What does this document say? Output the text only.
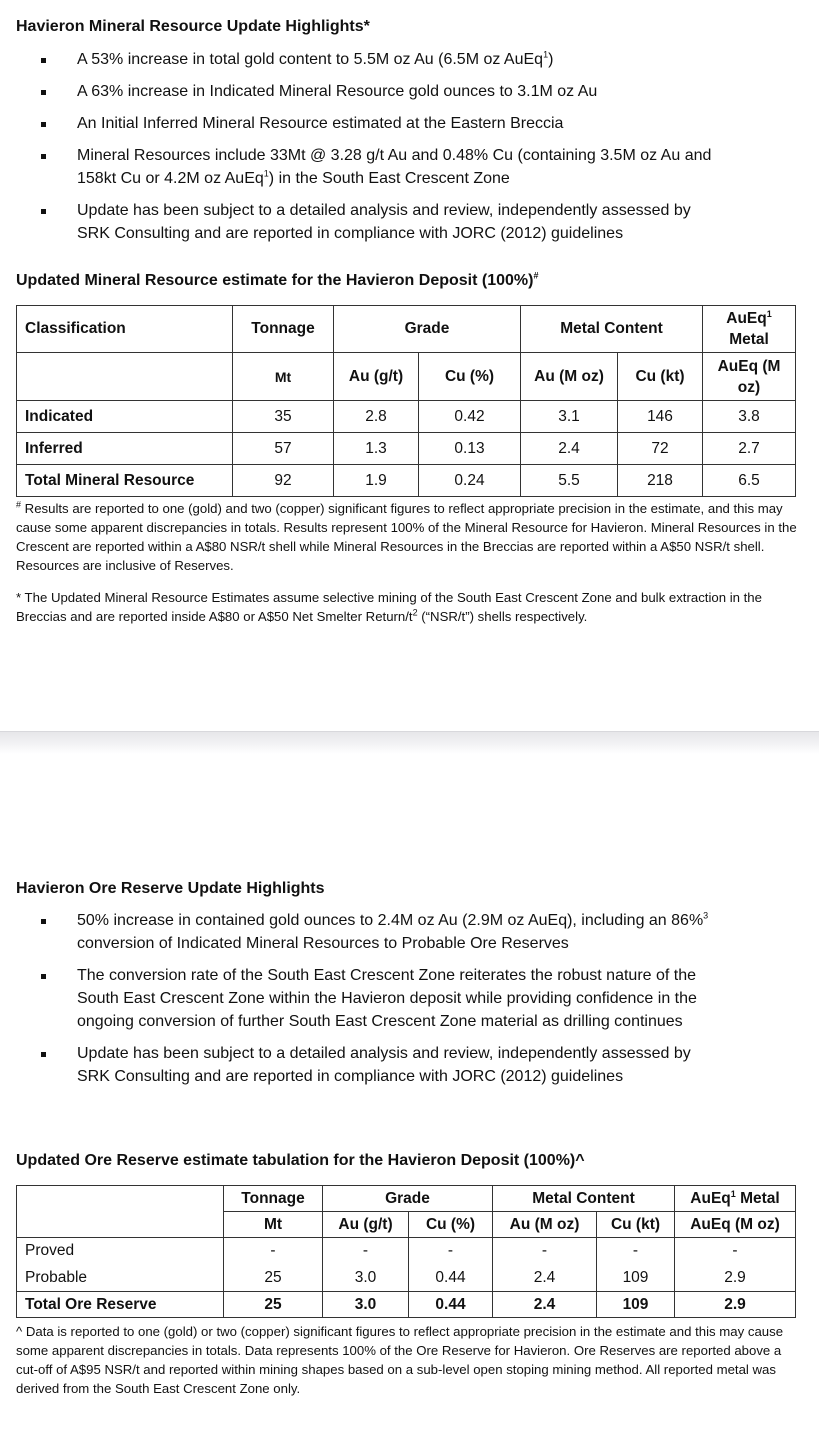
Havieron Mineral Resource Update Highlights*
A 53% increase in total gold content to 5.5M oz Au (6.5M oz AuEq$^1$)
A 63% increase in Indicated Mineral Resource gold ounces to 3.1M oz Au
An Initial Inferred Mineral Resource estimated at the Eastern Breccia
Mineral Resources include 33Mt @ 3.28 g/t Au and 0.48% Cu (containing 3.5M oz Au and 158kt Cu or 4.2M oz AuEq$^1$) in the South East Crescent Zone
Update has been subject to a detailed analysis and review, independently assessed by SRK Consulting and are reported in compliance with JORC (2012) guidelines
Updated Mineral Resource estimate for the Havieron Deposit (100%)#
Classification	Tonnage	Grade		Metal Content		AuEq$^1$
Metal
	Mt	Au (g/t)	Cu (%)	Au (M oz)	Cu (kt)	AuEq (M oz)
Indicated	35	2.8	0.42	3.1	146	3.8
Inferred	57	1.3	0.13	2.4	72	2.7
Total Mineral Resource	92	1.9	0.24	5.5	218	6.5
# Results are reported to one (gold) and two (copper) significant figures to reflect appropriate precision in the estimate, and this may cause some apparent discrepancies in totals. Results represent 100% of the Mineral Resource for Havieron. Mineral Resources in the Crescent are reported within a A$80 NSR/t shell while Mineral Resources in the Breccias are reported within a A$50 NSR/t shell. Resources are inclusive of Reserves.
* The Updated Mineral Resource Estimates assume selective mining of the South East Crescent Zone and bulk extraction in the Breccias and are reported inside A$80 or A$50 Net Smelter Return/$t^2$ (“NSR/t”) shells respectively.
Havieron Ore Reserve Update Highlights
50% increase in contained gold ounces to 2.4M oz Au (2.9M oz AuEq), including an 86%$^3$ conversion of Indicated Mineral Resources to Probable Ore Reserves
The conversion rate of the South East Crescent Zone reiterates the robust nature of the South East Crescent Zone within the Havieron deposit while providing confidence in the ongoing conversion of further South East Crescent Zone material as drilling continues
Update has been subject to a detailed analysis and review, independently assessed by SRK Consulting and are reported in compliance with JORC (2012) guidelines
Updated Ore Reserve estimate tabulation for the Havieron Deposit (100%)^
	Tonnage	Grade		Metal Content		AuEq$^1$ Metal
	Mt	Au (g/t)	Cu (%)	Au (M oz)	Cu (kt)	AuEq (M oz)
Proved	-	-	-	-	-	-
Probable	25	3.0	0.44	2.4	109	2.9
Total Ore Reserve	25	3.0	0.44	2.4	109	2.9
^ Data is reported to one (gold) or two (copper) significant figures to reflect appropriate precision in the estimate and this may cause some apparent discrepancies in totals. Data represents 100% of the Ore Reserve for Havieron. Ore Reserves are reported above a cut-off of A$95 NSR/t and reported within mining shapes based on a sub-level open stoping mining method. All reported metal was derived from the South East Crescent Zone only.
